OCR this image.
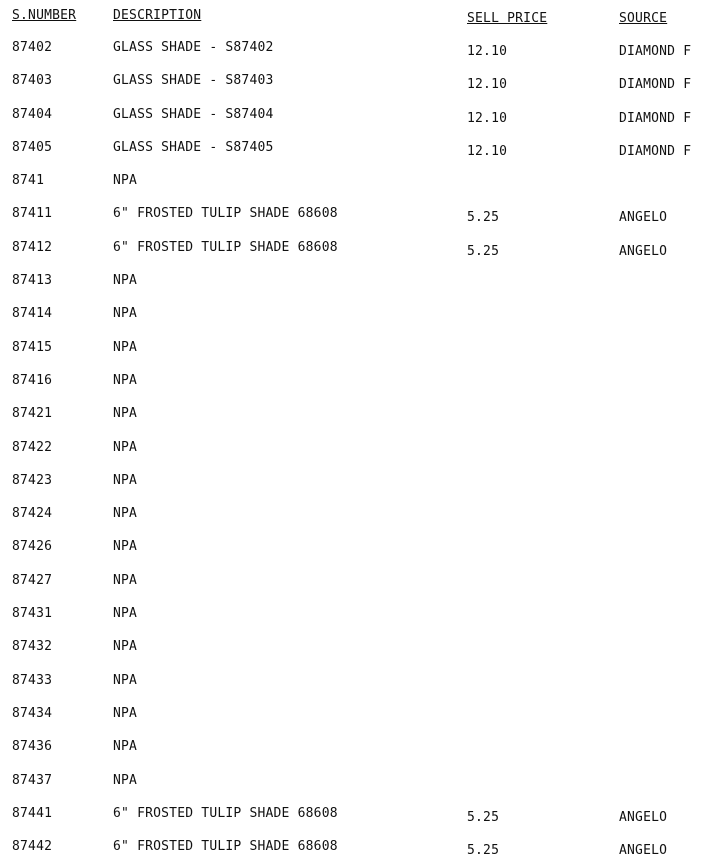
S.NUMBER	DESCRIPTION	SELL PRICE	SOURCE
87402	GLASS SHADE - S87402	12.10	DIAMOND F
87403	GLASS SHADE - S87403	12.10	DIAMOND F
87404	GLASS SHADE - S87404	12.10	DIAMOND F
87405	GLASS SHADE - S87405	12.10	DIAMOND F
8741	NPA
87411	6" FROSTED TULIP SHADE 68608	5.25	ANGELO
87412	6" FROSTED TULIP SHADE 68608	5.25	ANGELO
87413	NPA
87414	NPA
87415	NPA
87416	NPA
87421	NPA
87422	NPA
87423	NPA
87424	NPA
87426	NPA
87427	NPA
87431	NPA
87432	NPA
87433	NPA
87434	NPA
87436	NPA
87437	NPA
87441	6" FROSTED TULIP SHADE 68608	5.25	ANGELO
87442	6" FROSTED TULIP SHADE 68608	5.25	ANGELO
